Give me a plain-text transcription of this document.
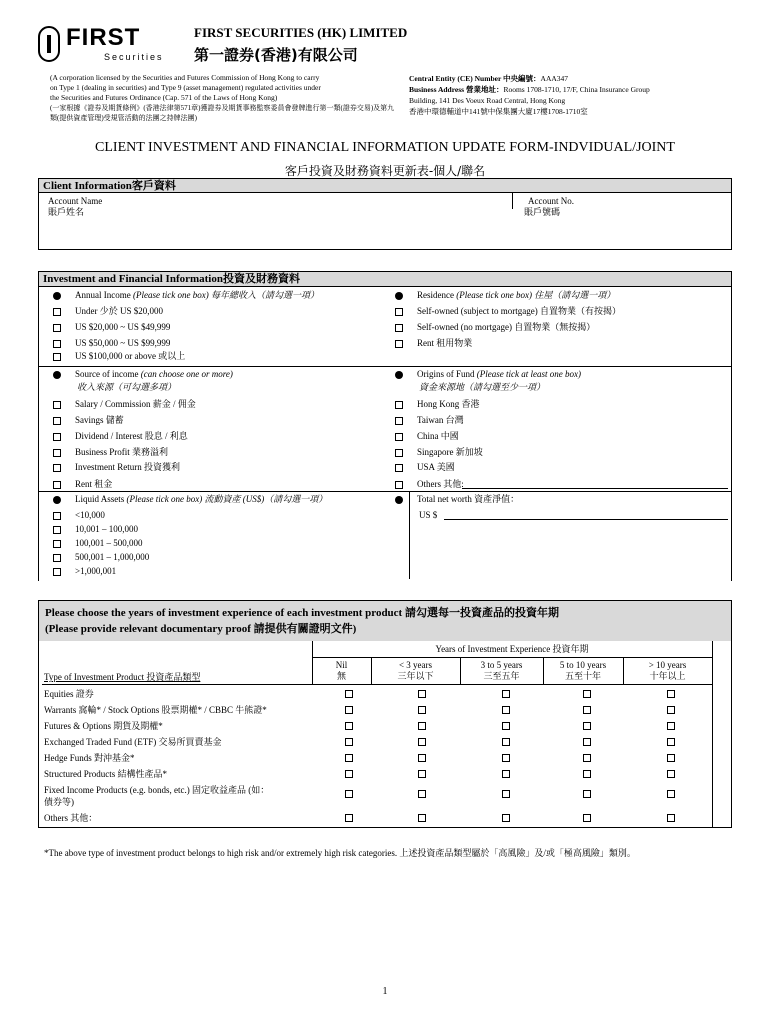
FIRST
Securities
FIRST SECURITIES (HK) LIMITED
第一證券(香港)有限公司
(A corporation licensed by the Securities and Futures Commission of Hong Kong to carry
on Type 1 (dealing in securities) and Type 9 (asset management) regulated activities under
the Securities and Futures Ordinance (Cap. 571 of the Laws of Hong Kong)
(一家根據《證券及期貨條例》(香港法律第571章)獲證券及期貨事務監察委員會發牌進行第一類(證券交易)及第九
類(提供資產管理)受規管活動的法團之持牌法團)
Central Entity (CE) Number 中央編號：AAA347
Business Address 營業地址：Rooms 1708-1710, 17/F, China Insurance Group
Building, 141 Des Voeux Road Central, Hong Kong
香港中環德輔道中141號中保集團大廈17樓1708-1710室
CLIENT INVESTMENT AND FINANCIAL INFORMATION UPDATE FORM-INDVIDUAL/JOINT
客戶投資及財務資料更新表-個人/聯名
Client Information客戶資料
Account Name
賬戶姓名
Account No.
賬戶號碼
Investment and Financial Information投資及財務資料
Annual Income (Please tick one box) 每年總收入（請勾選一項）
Under 少於 US $20,000
US $20,000 ~ US $49,999
US $50,000 ~ US $99,999
US $100,000 or above 或以上
Residence (Please tick one box) 住屋（請勾選一項）
Self-owned (subject to mortgage) 自置物業（有按揭）
Self-owned (no mortgage) 自置物業（無按揭）
Rent 租用物業
Source of income (can choose one or more)
收入來源（可勾選多項）
Salary / Commission 薪金 / 佣金
Savings 儲蓄
Dividend / Interest 股息 / 利息
Business Profit 業務溢利
Investment Return 投資獲利
Rent 租金
Origins of Fund (Please tick at least one box)
資金來源地（請勾選至少一項）
Hong Kong 香港
Taiwan 台灣
China 中國
Singapore 新加坡
USA 美國
Others 其他:
Liquid Assets (Please tick one box) 流動資產 (US$)（請勾選一項）
<10,000
10,001 – 100,000
100,001 – 500,000
500,001 – 1,000,000
>1,000,001
Total net worth 資產淨值：
US $
Please choose the years of investment experience of each investment product 請勾選每一投資產品的投資年期
(Please provide relevant documentary proof 請提供有關證明文件)
Years of Investment Experience 投資年期
Type of Investment Product 投資產品類型
Nil
無
< 3 years
三年以下
3 to 5 years
三至五年
5 to 10 years
五至十年
> 10 years
十年以上
Equities 證券
Warrants 窩輪* / Stock Options 股票期權* / CBBC 牛熊證*
Futures & Options 期貨及期權*
Exchanged Traded Fund (ETF) 交易所買賣基金
Hedge Funds 對沖基金*
Structured Products 結構性產品*
Fixed Income Products (e.g. bonds, etc.) 固定收益產品 (如：
債券等)
Others 其他：
*The above type of investment product belongs to high risk and/or extremely high risk categories. 上述投資產品類型屬於「高風險」及/或「極高風險」類別。
1
